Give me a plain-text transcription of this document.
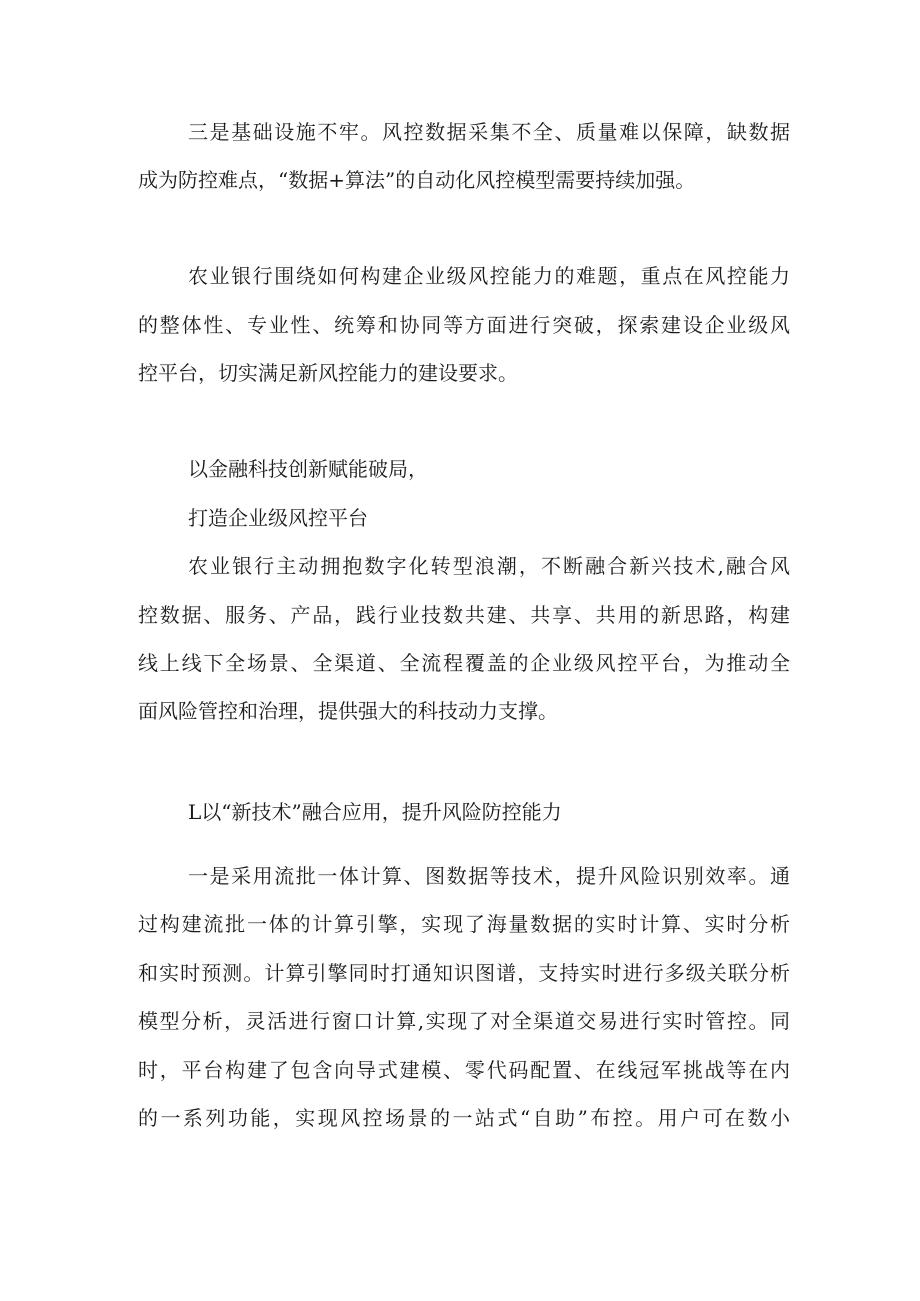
三是基础设施不牢。风控数据采集不全、质量难以保障，缺数据
成为防控难点，“数据+算法”的自动化风控模型需要持续加强。
农业银行围绕如何构建企业级风控能力的难题，重点在风控能力
的整体性、专业性、统筹和协同等方面进行突破，探索建设企业级风
控平台，切实满足新风控能力的建设要求。
以金融科技创新赋能破局，
打造企业级风控平台
农业银行主动拥抱数字化转型浪潮，不断融合新兴技术,融合风
控数据、服务、产品，践行业技数共建、共享、共用的新思路，构建
线上线下全场景、全渠道、全流程覆盖的企业级风控平台，为推动全
面风险管控和治理，提供强大的科技动力支撑。
L以“新技术”融合应用，提升风险防控能力
一是采用流批一体计算、图数据等技术，提升风险识别效率。通
过构建流批一体的计算引擎，实现了海量数据的实时计算、实时分析
和实时预测。计算引擎同时打通知识图谱，支持实时进行多级关联分析
模型分析，灵活进行窗口计算,实现了对全渠道交易进行实时管控。同
时，平台构建了包含向导式建模、零代码配置、在线冠军挑战等在内
的一系列功能，实现风控场景的一站式“自助”布控。用户可在数小
